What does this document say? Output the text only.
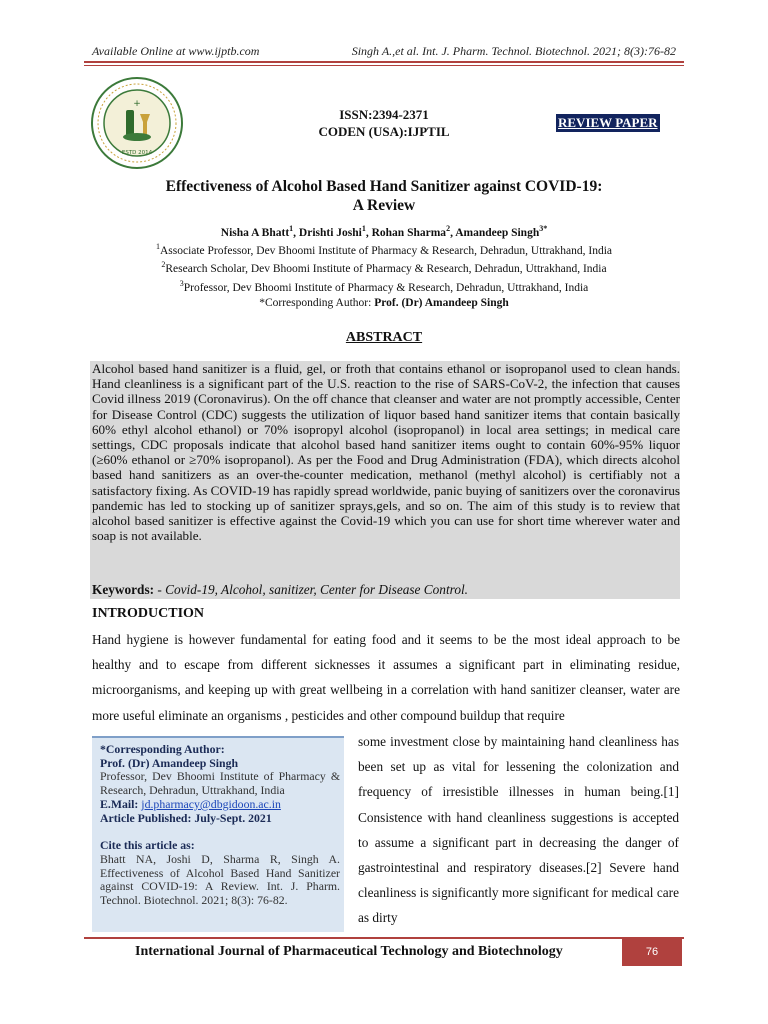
Available Online at www.ijptb.com	Singh A.,et al. Int. J. Pharm. Technol. Biotechnol. 2021; 8(3):76-82
+
ESTD 2014
ISSN:2394-2371
CODEN (USA):IJPTIL
REVIEW PAPER
Effectiveness of Alcohol Based Hand Sanitizer against COVID-19:
A Review
Nisha A Bhatt$^1$, Drishti Joshi$^1$, Rohan Sharma$^2$, Amandeep Singh$^{3*}$
$^1$Associate Professor, Dev Bhoomi Institute of Pharmacy & Research, Dehradun, Uttrakhand, India
$^2$Research Scholar, Dev Bhoomi Institute of Pharmacy & Research, Dehradun, Uttrakhand, India
$^3$Professor, Dev Bhoomi Institute of Pharmacy & Research, Dehradun, Uttrakhand, India
*Corresponding Author: Prof. (Dr) Amandeep Singh
ABSTRACT
Alcohol based hand sanitizer is a fluid, gel, or froth that contains ethanol or isopropanol used to clean hands. Hand cleanliness is a significant part of the U.S. reaction to the rise of SARS-CoV-2, the infection that causes Covid illness 2019 (Coronavirus). On the off chance that cleanser and water are not promptly accessible, Center for Disease Control (CDC) suggests the utilization of liquor based hand sanitizer items that contain basically 60% ethyl alcohol ethanol) or 70% isopropyl alcohol (isopropanol) in local area settings; in medical care settings, CDC proposals indicate that alcohol based hand sanitizer items ought to contain 60%-95% liquor (≥60% ethanol or ≥70% isopropanol). As per the Food and Drug Administration (FDA), which directs alcohol based hand sanitizers as an over-the-counter medication, methanol (methyl alcohol) is certifiably not a satisfactory fixing. As COVID-19 has rapidly spread worldwide, panic buying of sanitizers over the coronavirus pandemic has led to stocking up of sanitizer sprays,gels, and so on. The aim of this study is to review that alcohol based sanitizer is effective against the Covid-19 which you can use for short time wherever water and soap is not available.
Keywords: - Covid-19, Alcohol, sanitizer, Center for Disease Control.
INTRODUCTION
Hand hygiene is however fundamental for eating food and it seems to be the most ideal approach to be healthy and to escape from different sicknesses it assumes a significant part in eliminating residue, microorganisms, and keeping up with great wellbeing in a correlation with hand sanitizer cleanser, water are more useful eliminate an organisms , pesticides and other compound buildup that require
some investment close by maintaining hand cleanliness has been set up as vital for lessening the colonization and frequency of irresistible illnesses in human being.[1] Consistence with hand cleanliness suggestions is accepted to assume a significant part in decreasing the danger of gastrointestinal and respiratory diseases.[2] Severe hand cleanliness is significantly more significant for medical care as dirty
*Corresponding Author:
Prof. (Dr) Amandeep Singh
Professor, Dev Bhoomi Institute of Pharmacy & Research, Dehradun, Uttrakhand, India
E.Mail: jd.pharmacy@dbgidoon.ac.in
Article Published: July-Sept. 2021
Cite this article as:
Bhatt NA, Joshi D, Sharma R, Singh A. Effectiveness of Alcohol Based Hand Sanitizer against COVID-19: A Review. Int. J. Pharm. Technol. Biotechnol. 2021; 8(3): 76-82.
International Journal of Pharmaceutical Technology and Biotechnology	76
